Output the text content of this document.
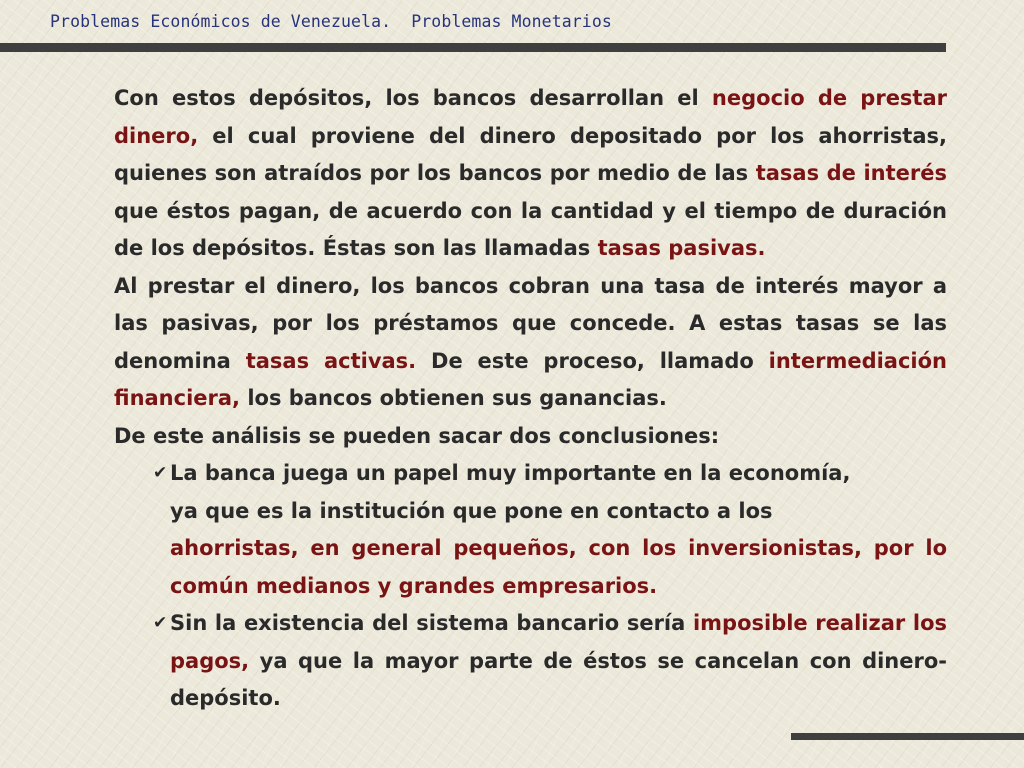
Problemas Económicos de Venezuela.  Problemas Monetarios

Con estos depósitos, los bancos desarrollan el negocio de prestar dinero, el cual proviene del dinero depositado por los ahorristas, quienes son atraídos por los bancos por medio de las tasas de interés que éstos pagan, de acuerdo con la cantidad y el tiempo de duración de los depósitos. Éstas son las llamadas tasas pasivas.

Al prestar el dinero, los bancos cobran una tasa de interés mayor a las pasivas, por los préstamos que concede. A estas tasas se las denomina tasas activas. De este proceso, llamado intermediación financiera, los bancos obtienen sus ganancias.

De este análisis se pueden sacar dos conclusiones:

✔ La banca juega un papel muy importante en la economía,
ya que es la institución que pone en contacto a los
ahorristas, en general pequeños, con los inversionistas, por lo común medianos y grandes empresarios.
✔ Sin la existencia del sistema bancario sería imposible realizar los pagos, ya que la mayor parte de éstos se cancelan con dinero-depósito.
